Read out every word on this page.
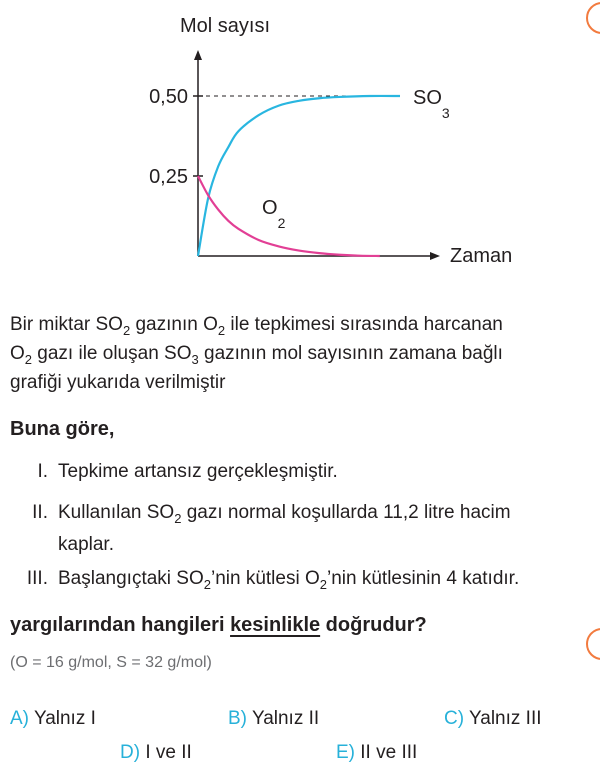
Mol sayısı
Zaman
0,50
0,25
$SO_3$
$O_2$
Bir miktar $SO_2$ gazının $O_2$ ile tepkimesi sırasında harcanan
$O_2$ gazı ile oluşan $SO_3$ gazının mol sayısının zamana bağlı
grafiği yukarıda verilmiştir
Buna göre,
I. Tepkime artansız gerçekleşmiştir.
II. Kullanılan $SO_2$ gazı normal koşullarda 11,2 litre hacim
kaplar.
III. Başlangıçtaki $SO_2’nin$ kütlesi $O_2’nin$ kütlesinin 4 katıdır.
yargılarından hangileri kesinlikle doğrudur?
(O = 16 g/mol, S = 32 g/mol)
A) Yalnız I	B) Yalnız II	C) Yalnız III
D) I ve II	E) II ve III
